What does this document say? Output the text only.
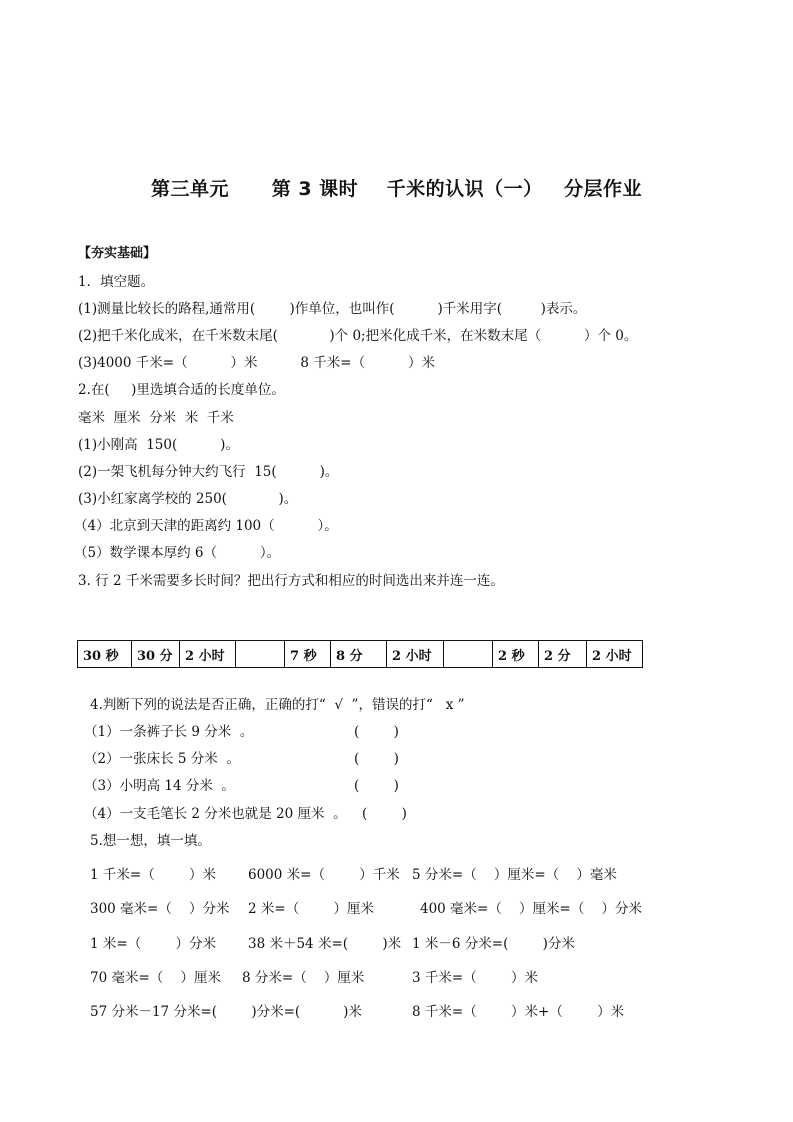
第三单元      第 3 课时    千米的认识（一）   分层作业
【夯实基础】
1．填空题。
(1)测量比较长的路程,通常用(        )作单位，也叫作(          )千米用字(         )表示。
(2)把千米化成米，在千米数末尾(            )个 0;把米化成千米，在米数末尾（          ）个 0。
(3)4000 千米=（          ）米          8 千米=（          ）米
2.在(     )里选填合适的长度单位。
毫米  厘米  分米  米  千米
(1)小刚高  150(          )。
(2)一架飞机每分钟大约飞行  15(          )。
(3)小红家离学校的 250(            )。
（4）北京到天津的距离约 100（          ）。
（5）数学课本厚约 6（          ）。
3. 行 2 千米需要多长时间？把出行方式和相应的时间选出来并连一连。
30 秒	30 分	2 小时		7 秒	8 分	2 小时		2 秒	2 分	2 小时
4.判断下列的说法是否正确，正确的打“  √  ”，错误的打“   x ”
（1）一条裤子长 9 分米  。	(        )
（2）一张床长 5 分米  。	(        )
（3）小明高 14 分米  。	(        )
（4）一支毛笔长 2 分米也就是 20 厘米  。 (        )
5.想一想，填一填。
1 千米=（        ）米 6000 米=（        ）千米 5 分米=（    ）厘米=（    ）毫米
300 毫米=（    ）分米 2 米=（        ）厘米	400 毫米=（    ）厘米=（    ）分米
1 米=（        ）分米 38 米＋54 米=(        )米 1 米－6 分米=(        )分米
70 毫米=（    ）厘米 8 分米=（    ）厘米	3 千米=（        ）米
57 分米－17 分米=(        )分米=(          )米	8 千米=（        ）米+（        ）米
